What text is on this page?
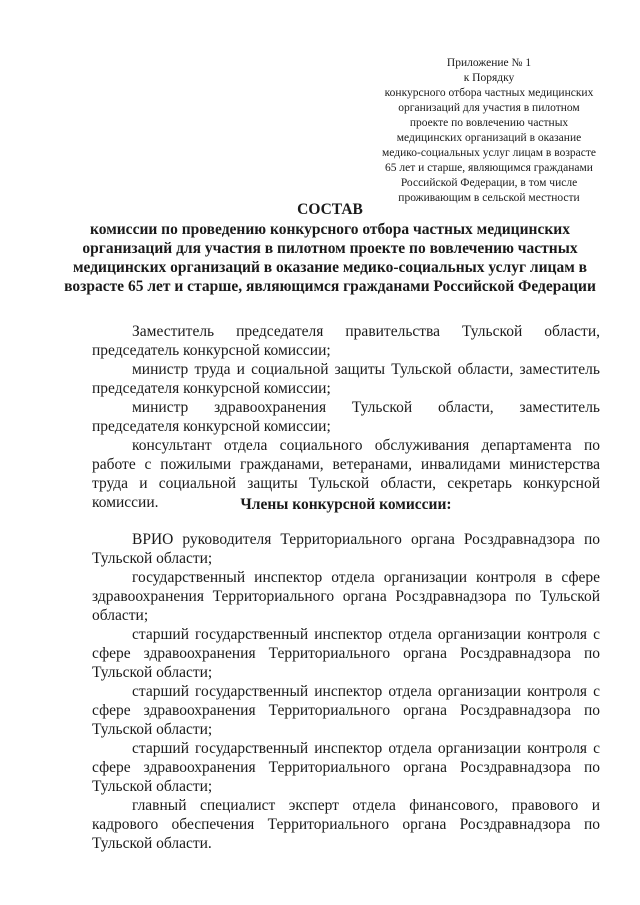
Приложение № 1
к Порядку
конкурсного отбора частных медицинских
организаций для участия в пилотном
проекте по вовлечению частных
медицинских организаций в оказание
медико-социальных услуг лицам в возрасте
65 лет и старше, являющимся гражданами
Российской Федерации, в том числе
проживающим в сельской местности
СОСТАВ
комиссии по проведению конкурсного отбора частных медицинских организаций для участия в пилотном проекте по вовлечению частных медицинских организаций в оказание медико-социальных услуг лицам в возрасте 65 лет и старше, являющимся гражданами Российской Федерации

Заместитель председателя правительства Тульской области, председатель конкурсной комиссии;

министр труда и социальной защиты Тульской области, заместитель председателя конкурсной комиссии;

министр здравоохранения Тульской области, заместитель председателя конкурсной комиссии;

консультант отдела социального обслуживания департамента по работе с пожилыми гражданами, ветеранами, инвалидами министерства труда и социальной защиты Тульской области, секретарь конкурсной комиссии.	Члены конкурсной комиссии:

ВРИО руководителя Территориального органа Росздравнадзора по Тульской области;

государственный инспектор отдела организации контроля в сфере здравоохранения Территориального органа Росздравнадзора по Тульской области;

старший государственный инспектор отдела организации контроля с сфере здравоохранения Территориального органа Росздравнадзора по Тульской области;

старший государственный инспектор отдела организации контроля с сфере здравоохранения Территориального органа Росздравнадзора по Тульской области;

старший государственный инспектор отдела организации контроля с сфере здравоохранения Территориального органа Росздравнадзора по Тульской области;

главный специалист эксперт отдела финансового, правового и кадрового обеспечения Территориального органа Росздравнадзора по Тульской области.
